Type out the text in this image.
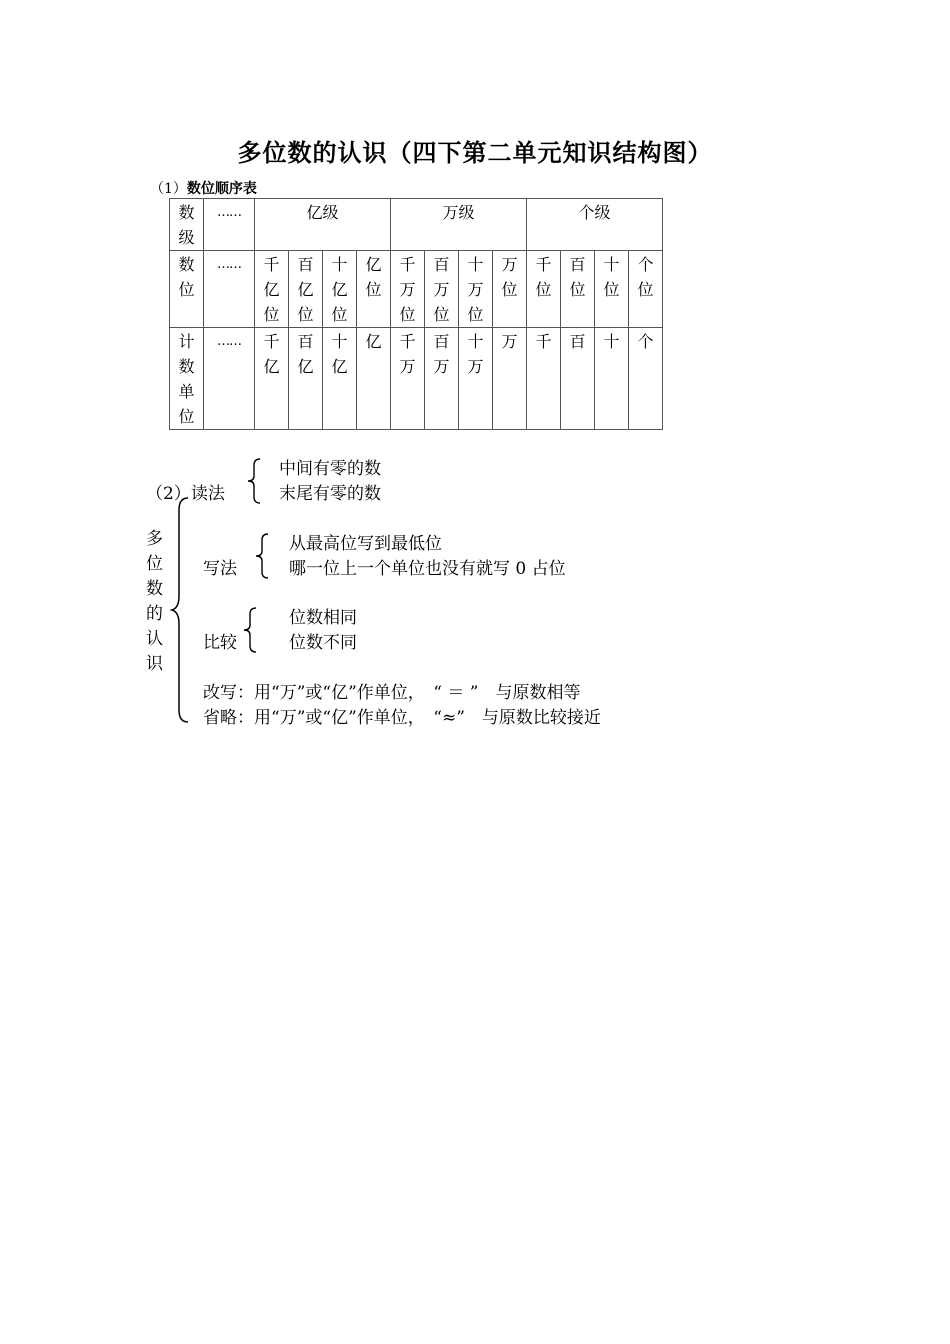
多位数的认识（四下第二单元知识结构图）
（1）数位顺序表
数级	……	亿级				万级				个级			

数位	……	千亿位	百亿位	十亿位	亿位	千万位	百万位	十万位	万位	千位	百位	十位	个位

计数单位	……	千亿	百亿	十亿	亿	千万	百万	十万	万	千	百	十	个
多位数的认识
（2）读法
中间有零的数
末尾有零的数
写法
从最高位写到最低位
哪一位上一个单位也没有就写 0 占位
比较
位数相同
位数不同
改写：用“万”或“亿”作单位，　“ ＝ ”　与原数相等
省略：用“万”或“亿”作单位，　“≈”　与原数比较接近
